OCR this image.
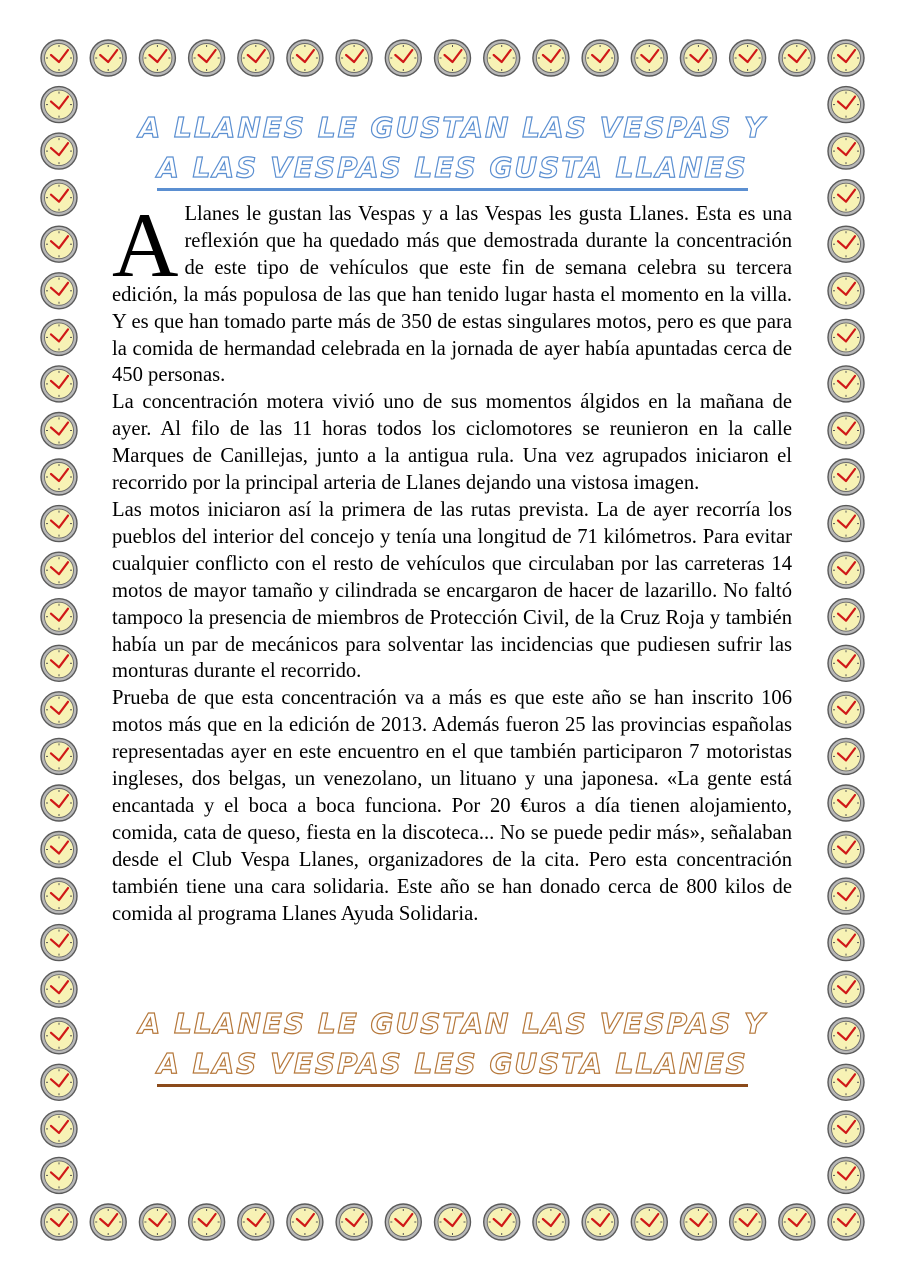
A LLANES LE GUSTAN LAS VESPAS Y
A LAS VESPAS LES GUSTA LLANES

A Llanes le gustan las Vespas y a las Vespas les gusta Llanes. Esta es una reflexión que ha quedado más que demostrada durante la concentración de este tipo de vehículos que este fin de semana celebra su tercera edición, la más populosa de las que han tenido lugar hasta el momento en la villa. Y es que han tomado parte más de 350 de estas singulares motos, pero es que para la comida de hermandad celebrada en la jornada de ayer había apuntadas cerca de 450 personas.

La concentración motera vivió uno de sus momentos álgidos en la mañana de ayer. Al filo de las 11 horas todos los ciclomotores se reunieron en la calle Marques de Canillejas, junto a la antigua rula. Una vez agrupados iniciaron el recorrido por la principal arteria de Llanes dejando una vistosa imagen.

Las motos iniciaron así la primera de las rutas prevista. La de ayer recorría los pueblos del interior del concejo y tenía una longitud de 71 kilómetros. Para evitar cualquier conflicto con el resto de vehículos que circulaban por las carreteras 14 motos de mayor tamaño y cilindrada se encargaron de hacer de lazarillo. No faltó tampoco la presencia de miembros de Protección Civil, de la Cruz Roja y también había un par de mecánicos para solventar las incidencias que pudiesen sufrir las monturas durante el recorrido.

Prueba de que esta concentración va a más es que este año se han inscrito 106 motos más que en la edición de 2013. Además fueron 25 las provincias españolas representadas ayer en este encuentro en el que también participaron 7 motoristas ingleses, dos belgas, un venezolano, un lituano y una japonesa. «La gente está encantada y el boca a boca funciona. Por 20 €uros a día tienen alojamiento, comida, cata de queso, fiesta en la discoteca... No se puede pedir más», señalaban desde el Club Vespa Llanes, organizadores de la cita. Pero esta concentración también tiene una cara solidaria. Este año se han donado cerca de 800 kilos de comida al programa Llanes Ayuda Solidaria.

A LLANES LE GUSTAN LAS VESPAS Y
A LAS VESPAS LES GUSTA LLANES
